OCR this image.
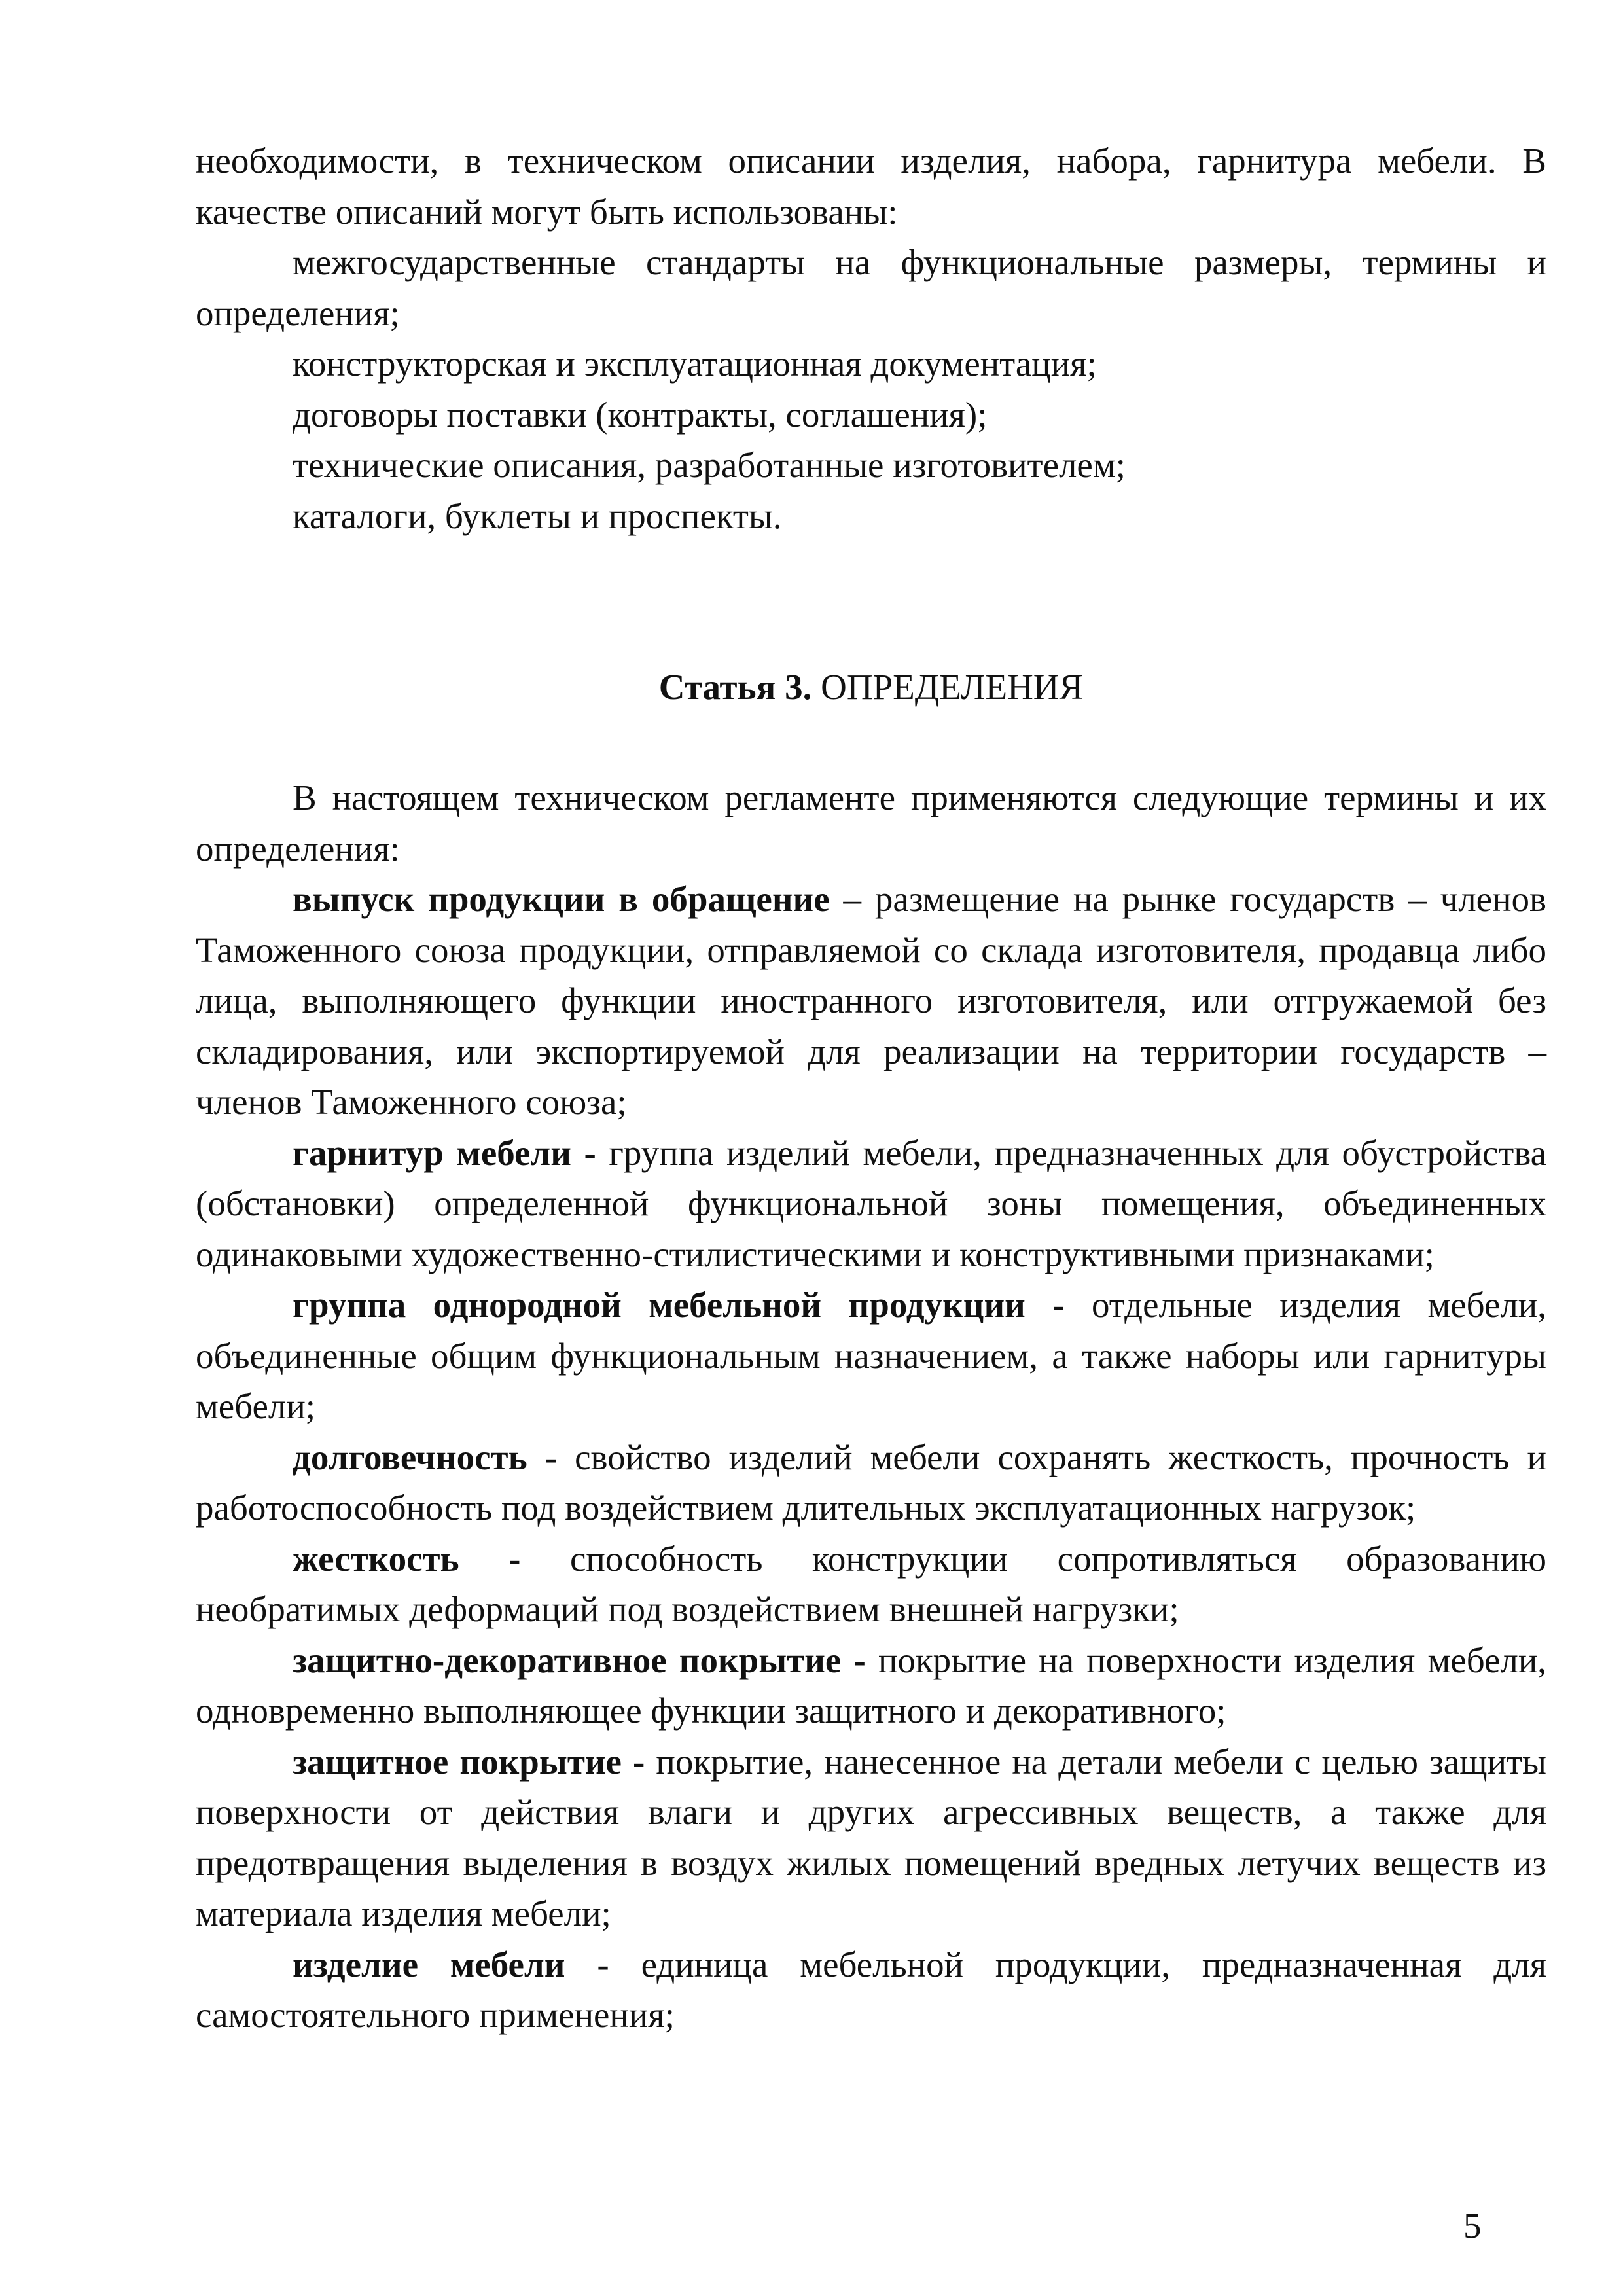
необходимости, в техническом описании изделия, набора, гарнитура мебели. В качестве описаний могут быть использованы:

межгосударственные стандарты на функциональные размеры, термины и определения;

конструкторская и эксплуатационная документация;

договоры поставки (контракты, соглашения);

технические описания, разработанные изготовителем;

каталоги, буклеты и проспекты.

Статья 3. ОПРЕДЕЛЕНИЯ

В настоящем техническом регламенте применяются следующие термины и их определения:

выпуск продукции в обращение – размещение на рынке государств – членов Таможенного союза продукции, отправляемой со склада изготовителя, продавца либо лица, выполняющего функции иностранного изготовителя, или отгружаемой без складирования, или экспортируемой для реализации на территории государств – членов Таможенного союза;

гарнитур мебели - группа изделий мебели, предназначенных для обустройства (обстановки) определенной функциональной зоны помещения, объединенных одинаковыми художественно-стилистическими и конструктивными признаками;

группа однородной мебельной продукции - отдельные изделия мебели, объединенные общим функциональным назначением, а также наборы или гарнитуры мебели;

долговечность - свойство изделий мебели сохранять жесткость, прочность и работоспособность под воздействием длительных эксплуатационных нагрузок;

жесткость - способность конструкции сопротивляться образованию необратимых деформаций под воздействием внешней нагрузки;

защитно-декоративное покрытие - покрытие на поверхности изделия мебели, одновременно выполняющее функции защитного и декоративного;

защитное покрытие - покрытие, нанесенное на детали мебели с целью защиты поверхности от действия влаги и других агрессивных веществ, а также для предотвращения выделения в воздух жилых помещений вредных летучих веществ из материала изделия мебели;

изделие мебели - единица мебельной продукции, предназначенная для самостоятельного применения;

5
